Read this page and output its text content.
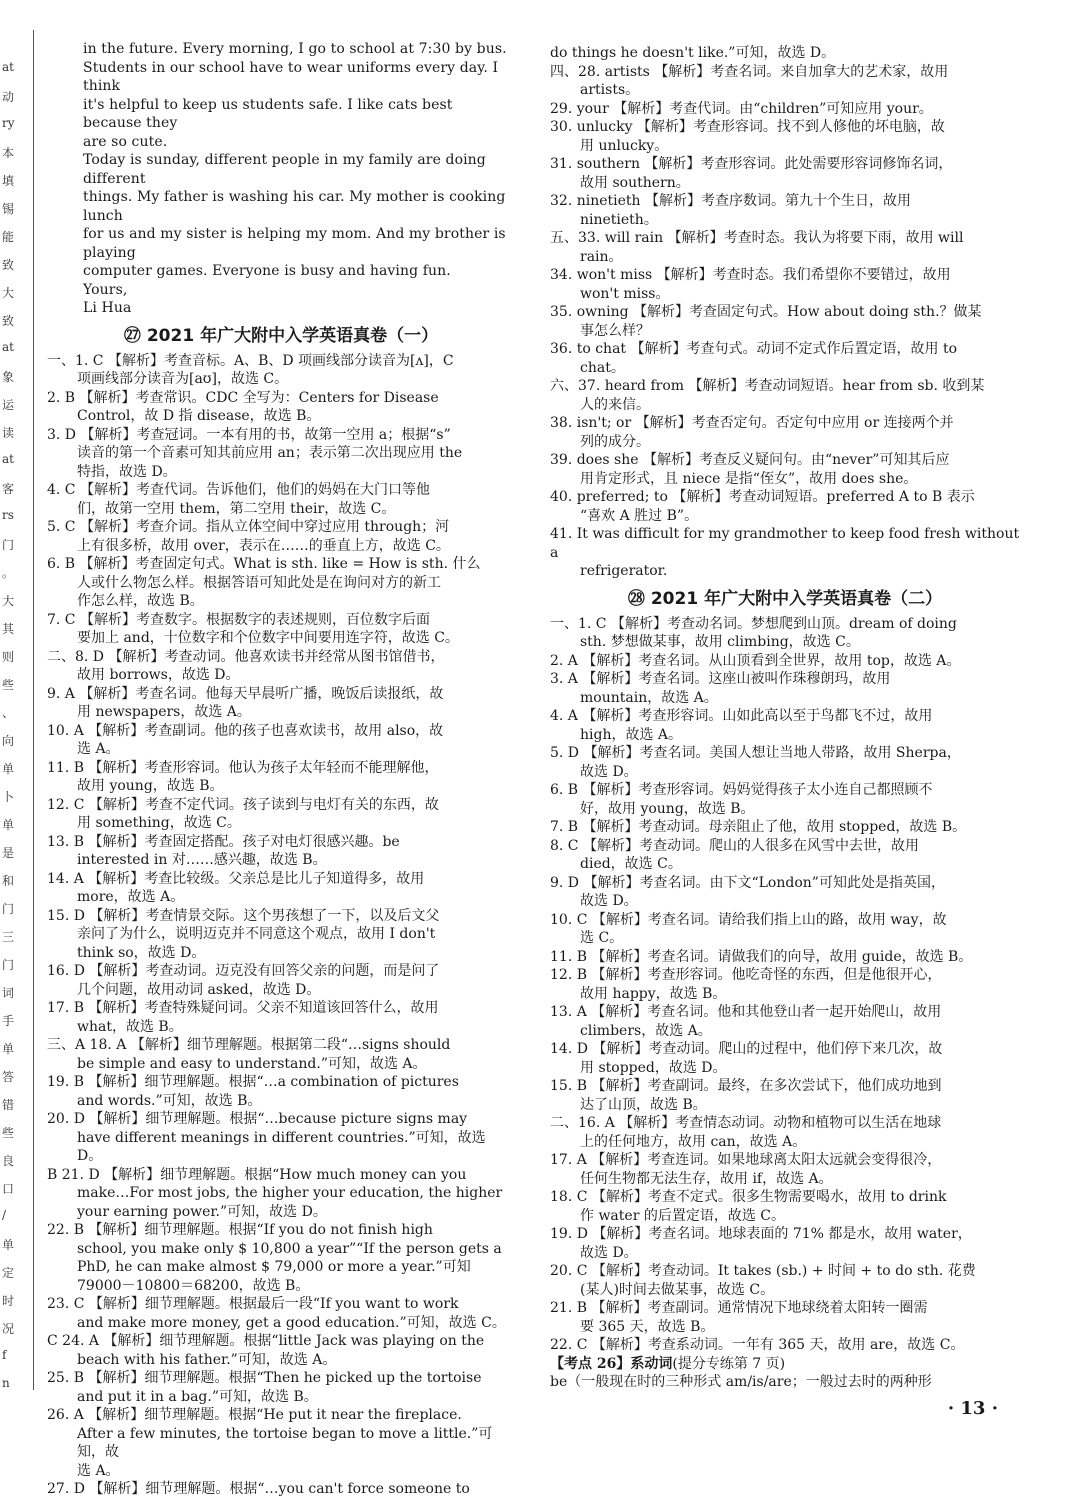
at
动
ry
本
填
锡
能
致
大
致
at
象
运
读
at
客
rs
门
。
大
其
则
些
、
向
单
卜
单
是
和
门
三
门
词
手
单
答
错
些
良
口
/
单
定
时
况
f
n
in the future. Every morning, I go to school at 7:30 by bus.
Students in our school have to wear uniforms every day. I think
it's helpful to keep us students safe. I like cats best because they
are so cute.
Today is sunday, different people in my family are doing different
things. My father is washing his car. My mother is cooking lunch
for us and my sister is helping my mom. And my brother is playing
computer games. Everyone is busy and having fun.
Yours,
Li Hua
㉗ 2021 年广大附中入学英语真卷（一）
一、1. C 【解析】考查音标。A、B、D 项画线部分读音为[ʌ]，C
项画线部分读音为[aʊ]，故选 C。
2. B 【解析】考查常识。CDC 全写为：Centers for Disease
Control，故 D 指 disease，故选 B。
3. D 【解析】考查冠词。一本有用的书，故第一空用 a；根据“s”
读音的第一个音素可知其前应用 an；表示第二次出现应用 the
特指，故选 D。
4. C 【解析】考查代词。告诉他们，他们的妈妈在大门口等他
们，故第一空用 them，第二空用 their，故选 C。
5. C 【解析】考查介词。指从立体空间中穿过应用 through；河
上有很多桥，故用 over，表示在……的垂直上方，故选 C。
6. B 【解析】考查固定句式。What is sth. like = How is sth. 什么
人或什么物怎么样。根据答语可知此处是在询问对方的新工
作怎么样，故选 B。
7. C 【解析】考查数字。根据数字的表述规则，百位数字后面
要加上 and，十位数字和个位数字中间要用连字符，故选 C。
二、8. D 【解析】考查动词。他喜欢读书并经常从图书馆借书，
故用 borrows，故选 D。
9. A 【解析】考查名词。他每天早晨听广播，晚饭后读报纸，故
用 newspapers，故选 A。
10. A 【解析】考查副词。他的孩子也喜欢读书，故用 also，故
选 A。
11. B 【解析】考查形容词。他认为孩子太年轻而不能理解他，
故用 young，故选 B。
12. C 【解析】考查不定代词。孩子读到与电灯有关的东西，故
用 something，故选 C。
13. B 【解析】考查固定搭配。孩子对电灯很感兴趣。be
interested in 对……感兴趣，故选 B。
14. A 【解析】考查比较级。父亲总是比儿子知道得多，故用
more，故选 A。
15. D 【解析】考查情景交际。这个男孩想了一下，以及后文父
亲问了为什么，说明迈克并不同意这个观点，故用 I don't
think so，故选 D。
16. D 【解析】考查动词。迈克没有回答父亲的问题，而是问了
几个问题，故用动词 asked，故选 D。
17. B 【解析】考查特殊疑问词。父亲不知道该回答什么，故用
what，故选 B。
三、A 18. A 【解析】细节理解题。根据第二段“…signs should
be simple and easy to understand.”可知，故选 A。
19. B 【解析】细节理解题。根据“…a combination of pictures
and words.”可知，故选 B。
20. D 【解析】细节理解题。根据“…because picture signs may
have different meanings in different countries.”可知，故选 D。
B 21. D 【解析】细节理解题。根据“How much money can you
make…For most jobs, the higher your education, the higher
your earning power.”可知，故选 D。
22. B 【解析】细节理解题。根据“If you do not finish high
school, you make only $ 10,800 a year”“If the person gets a
PhD, he can make almost $ 79,000 or more a year.”可知
79000－10800＝68200，故选 B。
23. C 【解析】细节理解题。根据最后一段“If you want to work
and make more money, get a good education.”可知，故选 C。
C 24. A 【解析】细节理解题。根据“little Jack was playing on the
beach with his father.”可知，故选 A。
25. B 【解析】细节理解题。根据“Then he picked up the tortoise
and put it in a bag.”可知，故选 B。
26. A 【解析】细节理解题。根据“He put it near the fireplace.
After a few minutes, the tortoise began to move a little.”可知，故
选 A。
27. D 【解析】细节理解题。根据“…you can't force someone to
do things he doesn't like.”可知，故选 D。
四、28. artists 【解析】考查名词。来自加拿大的艺术家，故用
artists。
29. your 【解析】考查代词。由“children”可知应用 your。
30. unlucky 【解析】考查形容词。找不到人修他的坏电脑，故
用 unlucky。
31. southern 【解析】考查形容词。此处需要形容词修饰名词，
故用 southern。
32. ninetieth 【解析】考查序数词。第九十个生日，故用
ninetieth。
五、33. will rain 【解析】考查时态。我认为将要下雨，故用 will
rain。
34. won't miss 【解析】考查时态。我们希望你不要错过，故用
won't miss。
35. owning 【解析】考查固定句式。How about doing sth.？做某
事怎么样？
36. to chat 【解析】考查句式。动词不定式作后置定语，故用 to
chat。
六、37. heard from 【解析】考查动词短语。hear from sb. 收到某
人的来信。
38. isn't; or 【解析】考查否定句。否定句中应用 or 连接两个并
列的成分。
39. does she 【解析】考查反义疑问句。由“never”可知其后应
用肯定形式，且 niece 是指“侄女”，故用 does she。
40. preferred; to 【解析】考查动词短语。preferred A to B 表示
“喜欢 A 胜过 B”。
41. It was difficult for my grandmother to keep food fresh without a
refrigerator.
㉘ 2021 年广大附中入学英语真卷（二）
一、1. C 【解析】考查动名词。梦想爬到山顶。dream of doing
sth. 梦想做某事，故用 climbing，故选 C。
2. A 【解析】考查名词。从山顶看到全世界，故用 top，故选 A。
3. A 【解析】考查名词。这座山被叫作珠穆朗玛，故用
mountain，故选 A。
4. A 【解析】考查形容词。山如此高以至于鸟都飞不过，故用
high，故选 A。
5. D 【解析】考查名词。美国人想让当地人带路，故用 Sherpa，
故选 D。
6. B 【解析】考查形容词。妈妈觉得孩子太小连自己都照顾不
好，故用 young，故选 B。
7. B 【解析】考查动词。母亲阻止了他，故用 stopped，故选 B。
8. C 【解析】考查动词。爬山的人很多在风雪中去世，故用
died，故选 C。
9. D 【解析】考查名词。由下文“London”可知此处是指英国，
故选 D。
10. C 【解析】考查名词。请给我们指上山的路，故用 way，故
选 C。
11. B 【解析】考查名词。请做我们的向导，故用 guide，故选 B。
12. B 【解析】考查形容词。他吃奇怪的东西，但是他很开心，
故用 happy，故选 B。
13. A 【解析】考查名词。他和其他登山者一起开始爬山，故用
climbers，故选 A。
14. D 【解析】考查动词。爬山的过程中，他们停下来几次，故
用 stopped，故选 D。
15. B 【解析】考查副词。最终，在多次尝试下，他们成功地到
达了山顶，故选 B。
二、16. A 【解析】考查情态动词。动物和植物可以生活在地球
上的任何地方，故用 can，故选 A。
17. A 【解析】考查连词。如果地球离太阳太远就会变得很冷，
任何生物都无法生存，故用 if，故选 A。
18. C 【解析】考查不定式。很多生物需要喝水，故用 to drink
作 water 的后置定语，故选 C。
19. D 【解析】考查名词。地球表面的 71% 都是水，故用 water，
故选 D。
20. C 【解析】考查动词。It takes (sb.) + 时间 + to do sth. 花费
(某人)时间去做某事，故选 C。
21. B 【解析】考查副词。通常情况下地球绕着太阳转一圈需
要 365 天，故选 B。
22. C 【解析】考查系动词。一年有 365 天，故用 are，故选 C。
【考点 26】系动词(提分专练第 7 页)
be（一般现在时的三种形式 am/is/are；一般过去时的两种形
· 13 ·
